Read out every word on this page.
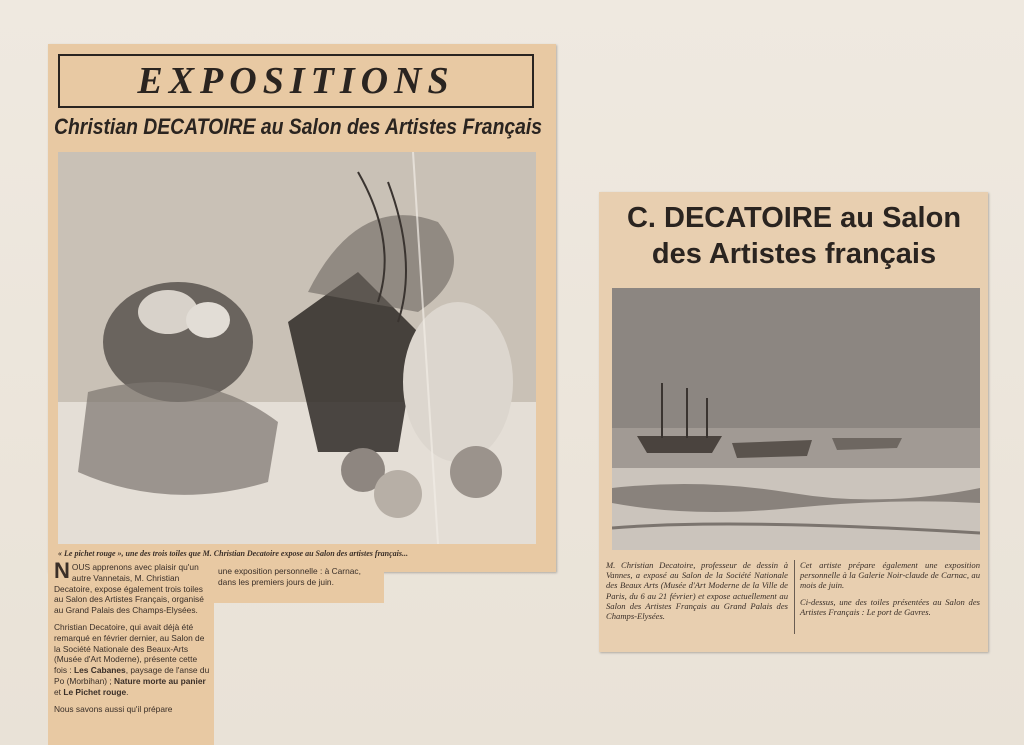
EXPOSITIONS
Christian DECATOIRE au Salon des Artistes Français
« Le pichet rouge », une des trois toiles que M. Christian Decatoire expose au Salon des artistes français...

NOUS apprenons avec plaisir qu'un autre Vannetais, M. Christian Decatoire, expose également trois toiles au Salon des Artistes Français, organisé au Grand Palais des Champs-Elysées.

Christian Decatoire, qui avait déjà été remarqué en février dernier, au Salon de la Société Nationale des Beaux-Arts (Musée d'Art Moderne), présente cette fois : Les Cabanes, paysage de l'anse du Po (Morbihan) ; Nature morte au panier et Le Pichet rouge.

Nous savons aussi qu'il prépare

une exposition personnelle : à Carnac, dans les premiers jours de juin.
C. DECATOIRE au Salon
des Artistes français
M. Christian Decatoire, professeur de dessin à Vannes, a exposé au Salon de la Société Nationale des Beaux Arts (Musée d'Art Moderne de la Ville de Paris, du 6 au 21 février) et expose actuellement au Salon des Artistes Français au Grand Palais des Champs-Elysées.

Cet artiste prépare également une exposition personnelle à la Galerie Noir-claude de Carnac, au mois de juin.

Ci-dessus, une des toiles présentées au Salon des Artistes Français : Le port de Gavres.
